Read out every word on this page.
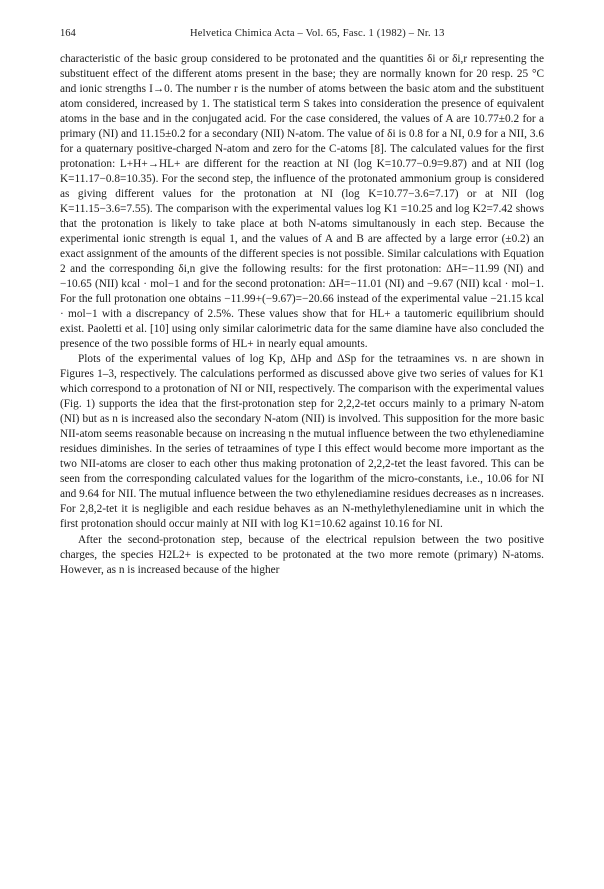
164	Helvetica Chimica Acta – Vol. 65, Fasc. 1 (1982) – Nr. 13

characteristic of the basic group considered to be protonated and the quantities δi or δi,r representing the substituent effect of the different atoms present in the base; they are normally known for 20 resp. 25 °C and ionic strengths I→0. The number r is the number of atoms between the basic atom and the substituent atom considered, increased by 1. The statistical term S takes into consideration the presence of equivalent atoms in the base and in the conjugated acid. For the case considered, the values of A are 10.77±0.2 for a primary (NI) and 11.15±0.2 for a secondary (NII) N-atom. The value of δi is 0.8 for a NI, 0.9 for a NII, 3.6 for a quaternary positive-charged N-atom and zero for the C-atoms [8]. The calculated values for the first protonation: L+H+→HL+ are different for the reaction at NI (log K=10.77−0.9=9.87) and at NII (log K=11.17−0.8=10.35). For the second step, the influence of the protonated ammonium group is considered as giving different values for the protonation at NI (log K=10.77−3.6=7.17) or at NII (log K=11.15−3.6=7.55). The comparison with the experimental values log K1 =10.25 and log K2=7.42 shows that the protonation is likely to take place at both N-atoms simultanously in each step. Because the experimental ionic strength is equal 1, and the values of A and B are affected by a large error (±0.2) an exact assignment of the amounts of the different species is not possible. Similar calculations with Equation 2 and the corresponding δi,n give the following results: for the first protonation: ΔH=−11.99 (NI) and −10.65 (NII) kcal · mol−1 and for the second protonation: ΔH=−11.01 (NI) and −9.67 (NII) kcal · mol−1. For the full protonation one obtains −11.99+(−9.67)=−20.66 instead of the experimental value −21.15 kcal · mol−1 with a discrepancy of 2.5%. These values show that for HL+ a tautomeric equilibrium should exist. Paoletti et al. [10] using only similar calorimetric data for the same diamine have also concluded the presence of the two possible forms of HL+ in nearly equal amounts.

Plots of the experimental values of log Kp, ΔHp and ΔSp for the tetraamines vs. n are shown in Figures 1–3, respectively. The calculations performed as discussed above give two series of values for K1 which correspond to a protonation of NI or NII, respectively. The comparison with the experimental values (Fig. 1) supports the idea that the first-protonation step for 2,2,2-tet occurs mainly to a primary N-atom (NI) but as n is increased also the secondary N-atom (NII) is involved. This supposition for the more basic NII-atom seems reasonable because on increasing n the mutual influence between the two ethylenediamine residues diminishes. In the series of tetraamines of type I this effect would become more important as the two NII-atoms are closer to each other thus making protonation of 2,2,2-tet the least favored. This can be seen from the corresponding calculated values for the logarithm of the micro-constants, i.e., 10.06 for NI and 9.64 for NII. The mutual influence between the two ethylenediamine residues decreases as n increases. For 2,8,2-tet it is negligible and each residue behaves as an N-methylethylenediamine unit in which the first protonation should occur mainly at NII with log K1=10.62 against 10.16 for NI.

After the second-protonation step, because of the electrical repulsion between the two positive charges, the species H2L2+ is expected to be protonated at the two more remote (primary) N-atoms. However, as n is increased because of the higher
